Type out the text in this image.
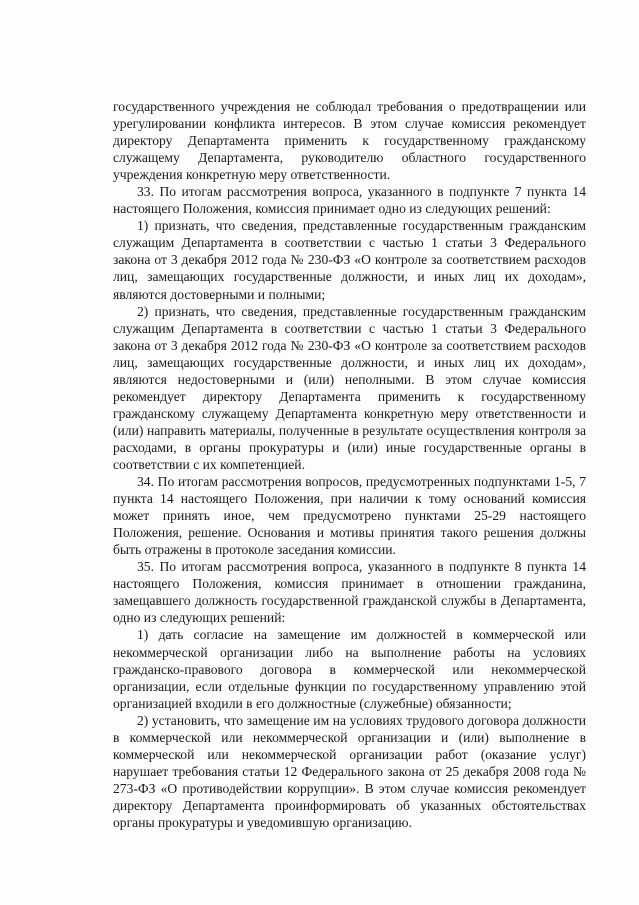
государственного учреждения не соблюдал требования о предотвращении или урегулировании конфликта интересов. В этом случае комиссия рекомендует директору Департамента применить к государственному гражданскому служащему Департамента, руководителю областного государственного учреждения конкретную меру ответственности.

33. По итогам рассмотрения вопроса, указанного в подпункте 7 пункта 14 настоящего Положения, комиссия принимает одно из следующих решений:

1) признать, что сведения, представленные государственным гражданским служащим Департамента в соответствии с частью 1 статьи 3 Федерального закона от 3 декабря 2012 года № 230-ФЗ «О контроле за соответствием расходов лиц, замещающих государственные должности, и иных лиц их доходам», являются достоверными и полными;

2) признать, что сведения, представленные государственным гражданским служащим Департамента в соответствии с частью 1 статьи 3 Федерального закона от 3 декабря 2012 года № 230-ФЗ «О контроле за соответствием расходов лиц, замещающих государственные должности, и иных лиц их доходам», являются недостоверными и (или) неполными. В этом случае комиссия рекомендует директору Департамента применить к государственному гражданскому служащему Департамента конкретную меру ответственности и (или) направить материалы, полученные в результате осуществления контроля за расходами, в органы прокуратуры и (или) иные государственные органы в соответствии с их компетенцией.

34. По итогам рассмотрения вопросов, предусмотренных подпунктами 1-5, 7 пункта 14 настоящего Положения, при наличии к тому оснований комиссия может принять иное, чем предусмотрено пунктами 25-29 настоящего Положения, решение. Основания и мотивы принятия такого решения должны быть отражены в протоколе заседания комиссии.

35. По итогам рассмотрения вопроса, указанного в подпункте 8 пункта 14 настоящего Положения, комиссия принимает в отношении гражданина, замещавшего должность государственной гражданской службы в Департамента, одно из следующих решений:

1) дать согласие на замещение им должностей в коммерческой или некоммерческой организации либо на выполнение работы на условиях гражданско-правового договора в коммерческой или некоммерческой организации, если отдельные функции по государственному управлению этой организацией входили в его должностные (служебные) обязанности;

2) установить, что замещение им на условиях трудового договора должности в коммерческой или некоммерческой организации и (или) выполнение в коммерческой или некоммерческой организации работ (оказание услуг) нарушает требования статьи 12 Федерального закона от 25 декабря 2008 года № 273-ФЗ «О противодействии коррупции». В этом случае комиссия рекомендует директору Департамента проинформировать об указанных обстоятельствах органы прокуратуры и уведомившую организацию.
